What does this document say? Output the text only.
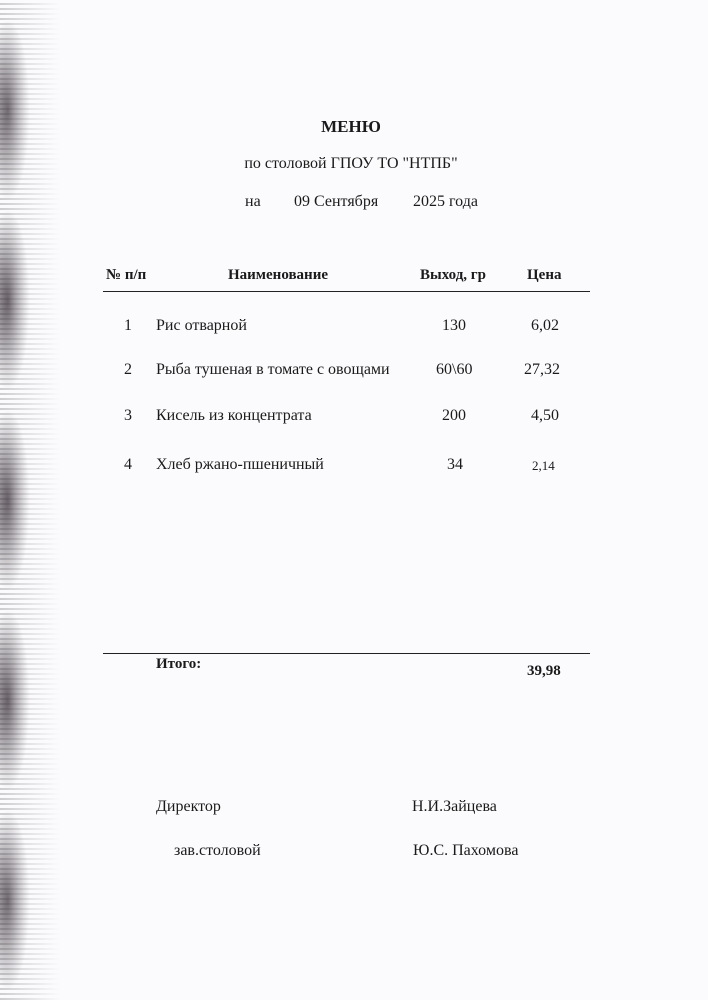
МЕНЮ
по столовой ГПОУ ТО "НТПБ"
на 09 Сентября 2025 года
№ п/п	Наименование	Выход, гр	Цена
1 Рис отварной	130	6,02
2 Рыба тушеная в томате с овощами	60\60	27,32
3 Кисель из концентрата	200	4,50
4 Хлеб ржано-пшеничный	34	2,14
Итого:	39,98
Директор	Н.И.Зайцева
зав.столовой	Ю.С. Пахомова
